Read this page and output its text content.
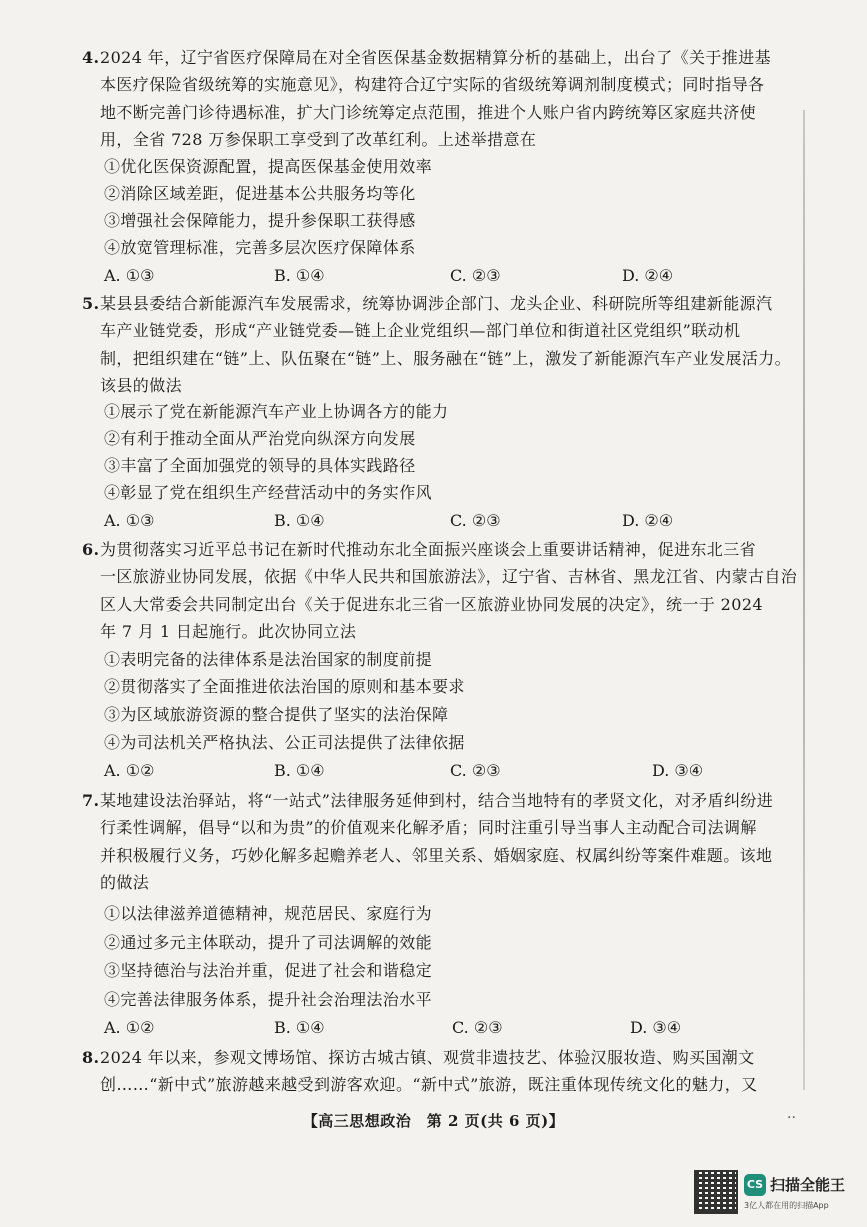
4.2024 年，辽宁省医疗保障局在对全省医保基金数据精算分析的基础上，出台了《关于推进基
本医疗保险省级统筹的实施意见》，构建符合辽宁实际的省级统筹调剂制度模式；同时指导各
地不断完善门诊待遇标准，扩大门诊统筹定点范围，推进个人账户省内跨统筹区家庭共济使
用，全省 728 万参保职工享受到了改革红利。上述举措意在
①优化医保资源配置，提高医保基金使用效率
②消除区域差距，促进基本公共服务均等化
③增强社会保障能力，提升参保职工获得感
④放宽管理标准，完善多层次医疗保障体系
A. ①③	B. ①④	C. ②③	D. ②④
5.某县县委结合新能源汽车发展需求，统筹协调涉企部门、龙头企业、科研院所等组建新能源汽
车产业链党委，形成“产业链党委—链上企业党组织—部门单位和街道社区党组织”联动机
制，把组织建在“链”上、队伍聚在“链”上、服务融在“链”上，激发了新能源汽车产业发展活力。
该县的做法
①展示了党在新能源汽车产业上协调各方的能力
②有利于推动全面从严治党向纵深方向发展
③丰富了全面加强党的领导的具体实践路径
④彰显了党在组织生产经营活动中的务实作风
A. ①③	B. ①④	C. ②③	D. ②④
6.为贯彻落实习近平总书记在新时代推动东北全面振兴座谈会上重要讲话精神，促进东北三省
一区旅游业协同发展，依据《中华人民共和国旅游法》，辽宁省、吉林省、黑龙江省、内蒙古自治
区人大常委会共同制定出台《关于促进东北三省一区旅游业协同发展的决定》，统一于 2024
年 7 月 1 日起施行。此次协同立法
①表明完备的法律体系是法治国家的制度前提
②贯彻落实了全面推进依法治国的原则和基本要求
③为区域旅游资源的整合提供了坚实的法治保障
④为司法机关严格执法、公正司法提供了法律依据
A. ①②	B. ①④	C. ②③	D. ③④
7.某地建设法治驿站，将“一站式”法律服务延伸到村，结合当地特有的孝贤文化，对矛盾纠纷进
行柔性调解，倡导“以和为贵”的价值观来化解矛盾；同时注重引导当事人主动配合司法调解
并积极履行义务，巧妙化解多起赡养老人、邻里关系、婚姻家庭、权属纠纷等案件难题。该地
的做法
①以法律滋养道德精神，规范居民、家庭行为
②通过多元主体联动，提升了司法调解的效能
③坚持德治与法治并重，促进了社会和谐稳定
④完善法律服务体系，提升社会治理法治水平
A. ①②	B. ①④	C. ②③	D. ③④
8.2024 年以来，参观文博场馆、探访古城古镇、观赏非遗技艺、体验汉服妆造、购买国潮文
创……“新中式”旅游越来越受到游客欢迎。“新中式”旅游，既注重体现传统文化的魅力，又
【高三思想政治　第 2 页(共 6 页)】	··
CS 扫描全能王
3亿人都在用的扫描App
